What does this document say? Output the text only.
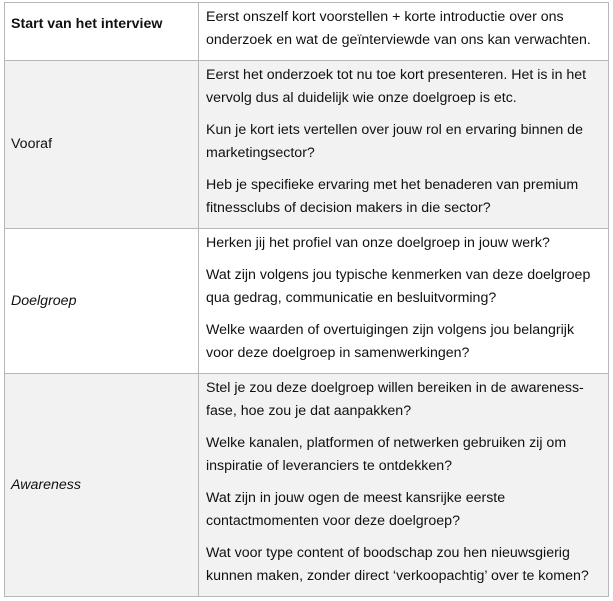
Start van het interview	Eerst onszelf kort voorstellen + korte introductie over ons onderzoek en wat de geïnterviewde van ons kan verwachten.

Vooraf	Eerst het onderzoek tot nu toe kort presenteren. Het is in het vervolg dus al duidelijk wie onze doelgroep is etc.

Kun je kort iets vertellen over jouw rol en ervaring binnen de marketingsector?

Heb je specifieke ervaring met het benaderen van premium fitnessclubs of decision makers in die sector?

Doelgroep	Herken jij het profiel van onze doelgroep in jouw werk?

Wat zijn volgens jou typische kenmerken van deze doelgroep qua gedrag, communicatie en besluitvorming?

Welke waarden of overtuigingen zijn volgens jou belangrijk voor deze doelgroep in samenwerkingen?

Awareness	Stel je zou deze doelgroep willen bereiken in de awareness-fase, hoe zou je dat aanpakken?

Welke kanalen, platformen of netwerken gebruiken zij om inspiratie of leveranciers te ontdekken?

Wat zijn in jouw ogen de meest kansrijke eerste contactmomenten voor deze doelgroep?

Wat voor type content of boodschap zou hen nieuwsgierig kunnen maken, zonder direct ‘verkoopachtig’ over te komen?
